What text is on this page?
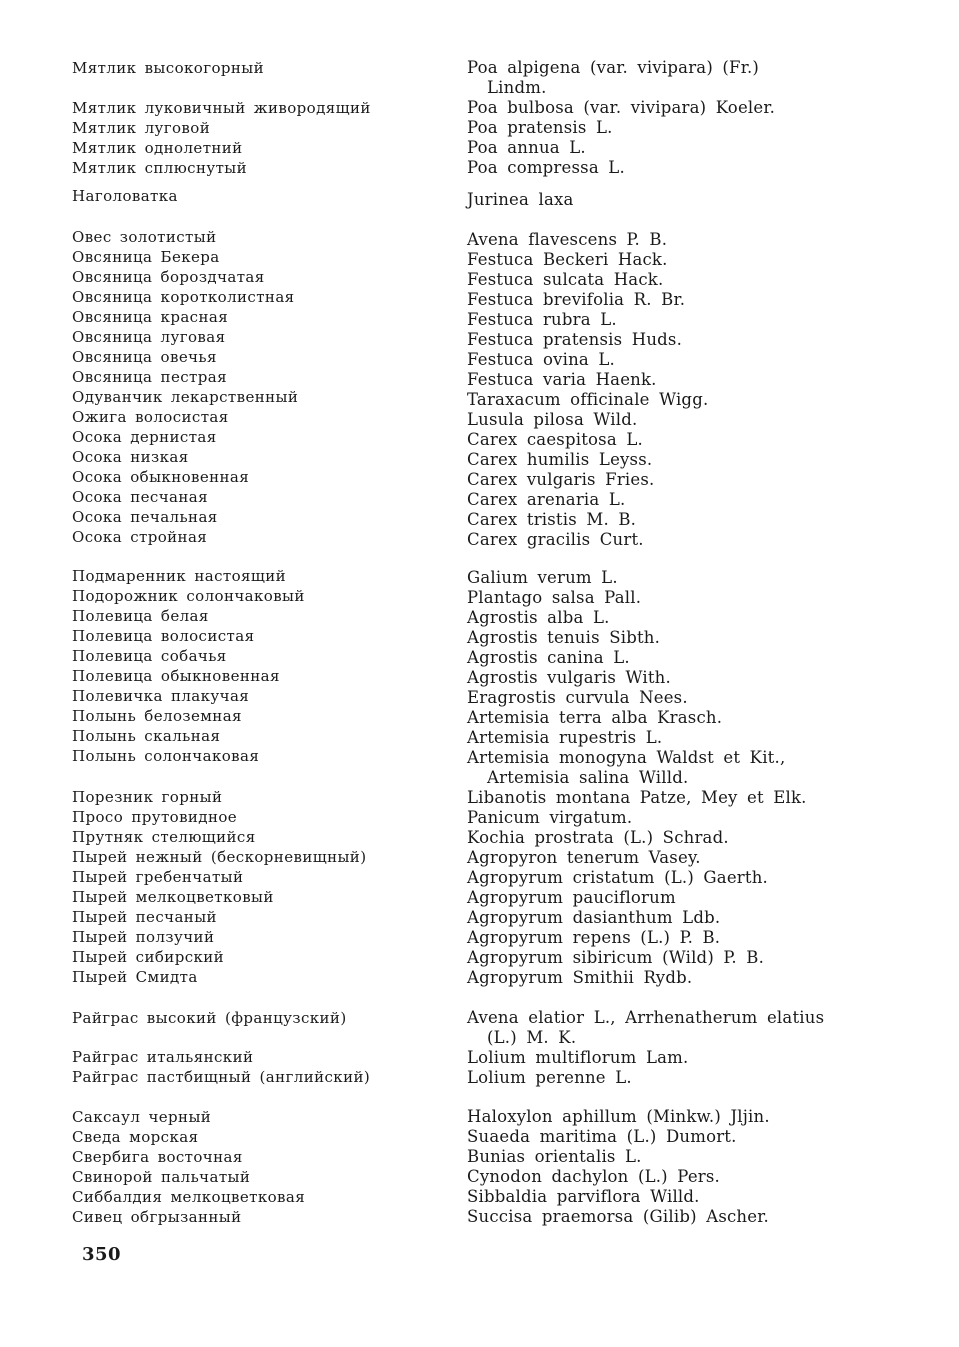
Мятлик высокогорный
Мятлик луковичный живородящий
Мятлик луговой
Мятлик однолетний
Мятлик сплюснутый
Наголоватка
Овес золотистый
Овсяница Бекера
Овсяница бороздчатая
Овсяница коротколистная
Овсяница красная
Овсяница луговая
Овсяница овечья
Овсяница пестрая
Одуванчик лекарственный
Ожига волосистая
Осока дернистая
Осока низкая
Осока обыкновенная
Осока песчаная
Осока печальная
Осока стройная
Подмаренник настоящий
Подорожник солончаковый
Полевица белая
Полевица волосистая
Полевица собачья
Полевица обыкновенная
Полевичка плакучая
Полынь белоземная
Полынь скальная
Полынь солончаковая
Порезник горный
Просо прутовидное
Прутняк стелющийся
Пырей нежный (бескорневищный)
Пырей гребенчатый
Пырей мелкоцветковый
Пырей песчаный
Пырей ползучий
Пырей сибирский
Пырей Смидта
Райграс высокий (французский)
Райграс итальянский
Райграс пастбищный (английский)
Саксаул черный
Сведа морская
Свербига восточная
Свинорой пальчатый
Сиббалдия мелкоцветковая
Сивец обгрызанный
Poa alpigena (var. vivipara) (Fr.)
Lindm.
Poa bulbosa (var. vivipara) Koeler.
Poa pratensis L.
Poa annua L.
Poa compressa L.
Jurinea laxa
Avena flavescens P. B.
Festuca Beckeri Hack.
Festuca sulcata Hack.
Festuca brevifolia R. Br.
Festuca rubra L.
Festuca pratensis Huds.
Festuca ovina L.
Festuca varia Haenk.
Taraxacum officinale Wigg.
Lusula pilosa Wild.
Carex caespitosa L.
Carex humilis Leyss.
Carex vulgaris Fries.
Carex arenaria L.
Carex tristis M. B.
Carex gracilis Curt.
Galium verum L.
Plantago salsa Pall.
Agrostis alba L.
Agrostis tenuis Sibth.
Agrostis canina L.
Agrostis vulgaris With.
Eragrostis curvula Nees.
Artemisia terra alba Krasch.
Artemisia rupestris L.
Artemisia monogyna Waldst et Kit.,
Artemisia salina Willd.
Libanotis montana Patze, Mey et Elk.
Panicum virgatum.
Kochia prostrata (L.) Schrad.
Agropyron tenerum Vasey.
Agropyrum cristatum (L.) Gaerth.
Agropyrum pauciflorum
Agropyrum dasianthum Ldb.
Agropyrum repens (L.) P. B.
Agropyrum sibiricum (Wild) P. B.
Agropyrum Smithii Rydb.
Avena elatior L., Arrhenatherum elatius
(L.) M. K.
Lolium multiflorum Lam.
Lolium perenne L.
Haloxylon aphillum (Minkw.) Jljin.
Suaeda maritima (L.) Dumort.
Bunias orientalis L.
Cynodon dachylon (L.) Pers.
Sibbaldia parviflora Willd.
Succisa praemorsa (Gilib) Ascher.
350
